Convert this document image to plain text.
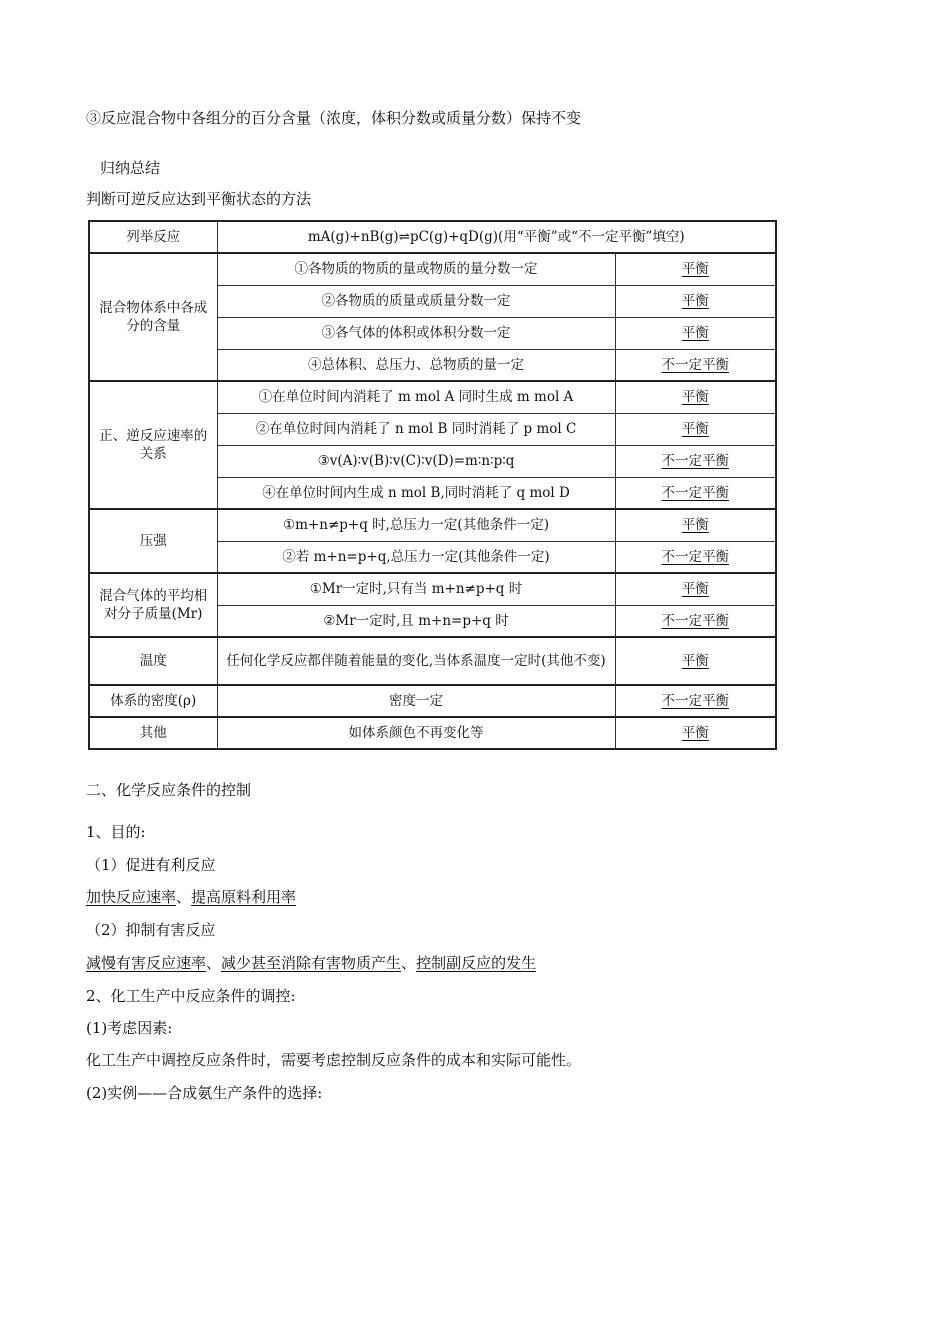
③反应混合物中各组分的百分含量（浓度，体积分数或质量分数）保持不变
归纳总结
判断可逆反应达到平衡状态的方法
列举反应	mA(g)+nB(g)⇌pC(g)+qD(g)(用“平衡”或“不一定平衡”填空)	
混合物体系中各成分的含量	①各物质的物质的量或物质的量分数一定	平衡
	②各物质的质量或质量分数一定	平衡
	③各气体的体积或体积分数一定	平衡
	④总体积、总压力、总物质的量一定	不一定平衡
正、逆反应速率的关系	①在单位时间内消耗了 m mol A 同时生成 m mol A	平衡
	②在单位时间内消耗了 n mol B 同时消耗了 p mol C	平衡
	③v(A)∶v(B)∶v(C)∶v(D)=m∶n∶p∶q	不一定平衡
	④在单位时间内生成 n mol B,同时消耗了 q mol D	不一定平衡
压强	①m+n≠p+q 时,总压力一定(其他条件一定)	平衡
	②若 m+n=p+q,总压力一定(其他条件一定)	不一定平衡
混合气体的平均相对分子质量(Mr)	①Mr一定时,只有当 m+n≠p+q 时	平衡
	②Mr一定时,且 m+n=p+q 时	不一定平衡
温度	任何化学反应都伴随着能量的变化,当体系温度一定时(其他不变)	平衡
体系的密度(ρ)	密度一定	不一定平衡
其他	如体系颜色不再变化等	平衡
二、化学反应条件的控制
1、目的:
（1）促进有利反应
加快反应速率、提高原料利用率
（2）抑制有害反应
减慢有害反应速率、减少甚至消除有害物质产生、控制副反应的发生
2、化工生产中反应条件的调控:
(1)考虑因素:
化工生产中调控反应条件时，需要考虑控制反应条件的成本和实际可能性。
(2)实例——合成氨生产条件的选择:
